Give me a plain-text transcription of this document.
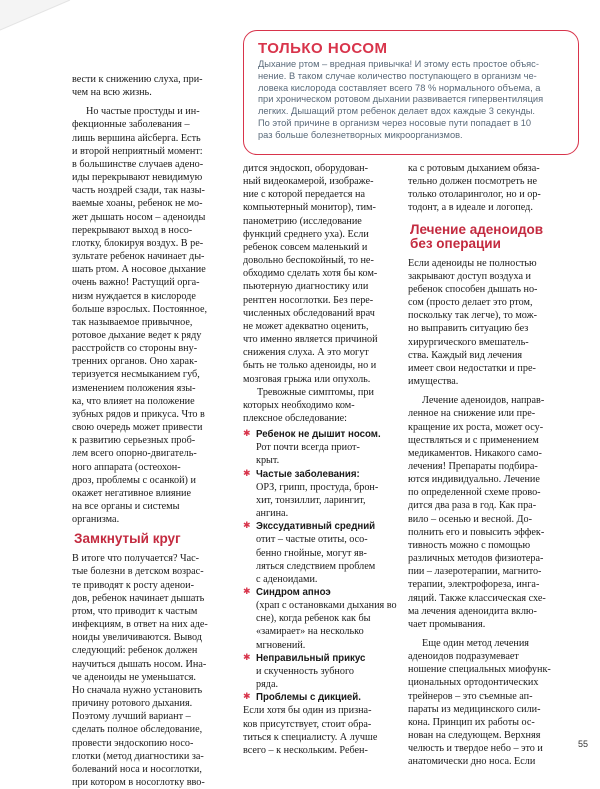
ТОЛЬКО НОСОМ

Дыхание ртом – вредная привычка! И этому есть простое объяс-

нение. В таком случае количество поступающего в организм че-

ловека кислорода составляет всего 78 % нормального объема, а

при хроническом ротовом дыхании развивается гипервентиляция

легких. Дышащий ртом ребенок делает вдох каждые 3 секунды.

По этой причине в организм через носовые пути попадает в 10

раз больше болезнетворных микроорганизмов.

вести к снижению слуха, при-

чем на всю жизнь.

Но частые простуды и ин-

фекционные заболевания –

лишь вершина айсберга. Есть

и второй неприятный момент:

в большинстве случаев адено-

иды перекрывают невидимую

часть ноздрей сзади, так назы-

ваемые хоаны, ребенок не мо-

жет дышать носом – аденоиды

перекрывают выход в носо-

глотку, блокируя воздух. В ре-

зультате ребенок начинает ды-

шать ртом. А носовое дыхание

очень важно! Растущий орга-

низм нуждается в кислороде

больше взрослых. Постоянное,

так называемое привычное,

ротовое дыхание ведет к ряду

расстройств со стороны вну-

тренних органов. Оно харак-

теризуется несмыканием губ,

изменением положения язы-

ка, что влияет на положение

зубных рядов и прикуса. Что в

свою очередь может привести

к развитию серьезных проб-

лем всего опорно-двигатель-

ного аппарата (остеохон-

дроз, проблемы с осанкой) и

окажет негативное влияние

на все органы и системы

организма.

Замкнутый круг

В итоге что получается? Час-

тые болезни в детском возрас-

те приводят к росту аденои-

дов, ребенок начинает дышать

ртом, что приводит к частым

инфекциям, в ответ на них аде-

ноиды увеличиваются. Вывод

следующий: ребенок должен

научиться дышать носом. Ина-

че аденоиды не уменьшатся.

Но сначала нужно установить

причину ротового дыхания.

Поэтому лучший вариант –

сделать полное обследование,

провести эндоскопию носо-

глотки (метод диагностики за-

болеваний носа и носоглотки,

при котором в носоглотку вво-

дится эндоскоп, оборудован-

ный видеокамерой, изображе-

ние с которой передается на

компьютерный монитор), тим-

панометрию (исследование

функций среднего уха). Если

ребенок совсем маленький и

довольно беспокойный, то не-

обходимо сделать хотя бы ком-

пьютерную диагностику или

рентген носоглотки. Без пере-

численных обследований врач

не может адекватно оценить,

что именно является причиной

снижения слуха. А это могут

быть не только аденоиды, но и

мозговая грыжа или опухоль.

Тревожные симптомы, при

которых необходимо ком-

плексное обследование:

✱ Ребенок не дышит носом.

Рот почти всегда приот-

крыт.

✱ Частые заболевания:

ОРЗ, грипп, простуда, брон-

хит, тонзиллит, ларингит,

ангина.

✱ Экссудативный средний

отит – частые отиты, осо-

бенно гнойные, могут яв-

ляться следствием проблем

с аденоидами.

✱ Синдром апноэ

(храп с остановками дыхания во

сне), когда ребенок как бы

«замирает» на несколько

мгновений.

✱ Неправильный прикус

и скученность зубного

ряда.

✱ Проблемы с дикцией.

Если хотя бы один из призна-

ков присутствует, стоит обра-

титься к специалисту. А лучше

всего – к нескольким. Ребен-

ка с ротовым дыханием обяза-

тельно должен посмотреть не

только отоларинголог, но и ор-

тодонт, а в идеале и логопед.

Лечение аденоидов
без операции

Если аденоиды не полностью

закрывают доступ воздуха и

ребенок способен дышать но-

сом (просто делает это ртом,

поскольку так легче), то мож-

но выправить ситуацию без

хирургического вмешатель-

ства. Каждый вид лечения

имеет свои недостатки и пре-

имущества.

Лечение аденоидов, направ-

ленное на снижение или пре-

кращение их роста, может осу-

ществляться и с применением

медикаментов. Никакого само-

лечения! Препараты подбира-

ются индивидуально. Лечение

по определенной схеме прово-

дится два раза в год. Как пра-

вило – осенью и весной. До-

полнить его и повысить эффек-

тивность можно с помощью

различных методов физиотера-

пии – лазеротерапии, магнито-

терапии, электрофореза, инга-

ляций. Также классическая схе-

ма лечения аденоидита вклю-

чает промывания.

Еще один метод лечения

аденоидов подразумевает

ношение специальных миофунк-

циональных ортодонтических

трейнеров – это съемные ап-

параты из медицинского сили-

кона. Принцип их работы ос-

нован на следующем. Верхняя

челюсть и твердое небо – это и

анатомически дно носа. Если

55
